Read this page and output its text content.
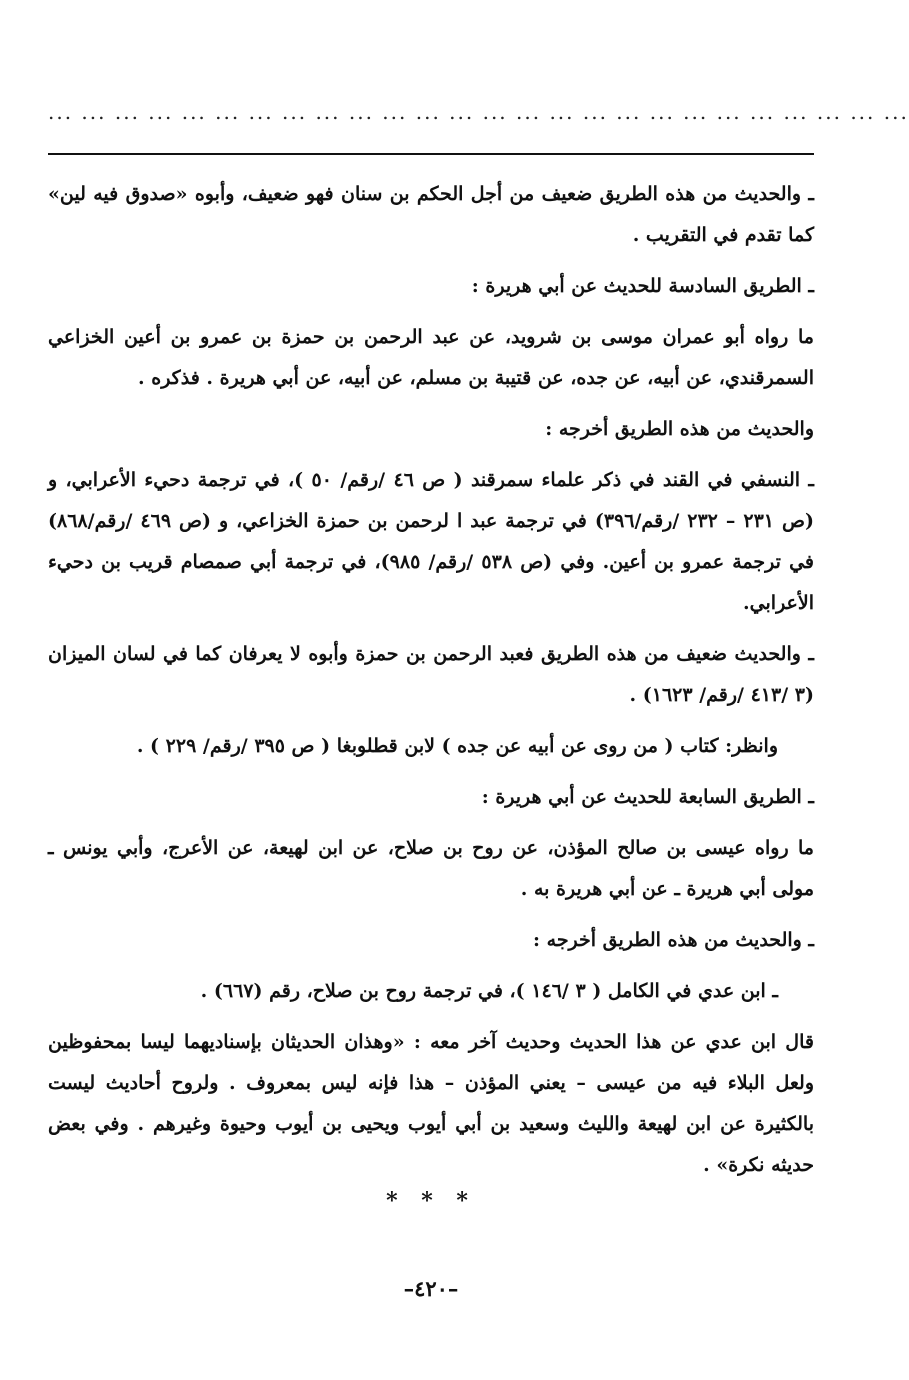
... ... ... ... ... ... ... ... ... ... ... ... ... ... ... ... ... ... ... ... ... ... ... ... ... ...

ـ والحديث من هذه الطريق ضعيف من أجل الحكم بن سنان فهو ضعيف، وأبوه «صدوق فيه لين» كما تقدم في التقريب .

ـ الطريق السادسة للحديث عن أبي هريرة :

ما رواه أبو عمران موسى بن شرويد، عن عبد الرحمن بن حمزة بن عمرو بن أعين الخزاعي السمرقندي، عن أبيه، عن جده، عن قتيبة بن مسلم، عن أبيه، عن أبي هريرة . فذكره .

والحديث من هذه الطريق أخرجه :

ـ النسفي في القند في ذكر علماء سمرقند ( ص ٤٦ /رقم/ ٥٠ )، في ترجمة دحيء الأعرابي، و (ص ٢٣١ – ٢٣٢ /رقم/٣٩٦) في ترجمة عبد ا لرحمن بن حمزة الخزاعي، و (ص ٤٦٩ /رقم/٨٦٨) في ترجمة عمرو بن أعين. وفي (ص ٥٣٨ /رقم/ ٩٨٥)، في ترجمة أبي صمصام قريب بن دحيء الأعرابي.

ـ والحديث ضعيف من هذه الطريق فعبد الرحمن بن حمزة وأبوه لا يعرفان كما في لسان الميزان (٣ /٤١٣ /رقم/ ١٦٢٣) .

وانظر: كتاب ( من روى عن أبيه عن جده ) لابن قطلوبغا ( ص ٣٩٥ /رقم/ ٢٢٩ ) .

ـ الطريق السابعة للحديث عن أبي هريرة :

ما رواه عيسى بن صالح المؤذن، عن روح بن صلاح، عن ابن لهيعة، عن الأعرج، وأبي يونس ـ مولى أبي هريرة ـ عن أبي هريرة به .

ـ والحديث من هذه الطريق أخرجه :

ـ ابن عدي في الكامل ( ٣ /١٤٦ )، في ترجمة روح بن صلاح، رقم (٦٦٧) .

قال ابن عدي عن هذا الحديث وحديث آخر معه : «وهذان الحديثان بإسناديهما ليسا بمحفوظين ولعل البلاء فيه من عيسى – يعني المؤذن – هذا فإنه ليس بمعروف . ولروح أحاديث ليست بالكثيرة عن ابن لهيعة والليث وسعيد بن أبي أيوب ويحيى بن أيوب وحيوة وغيرهم . وفي بعض حديثه نكرة» .

* * *
–٤٢٠–
